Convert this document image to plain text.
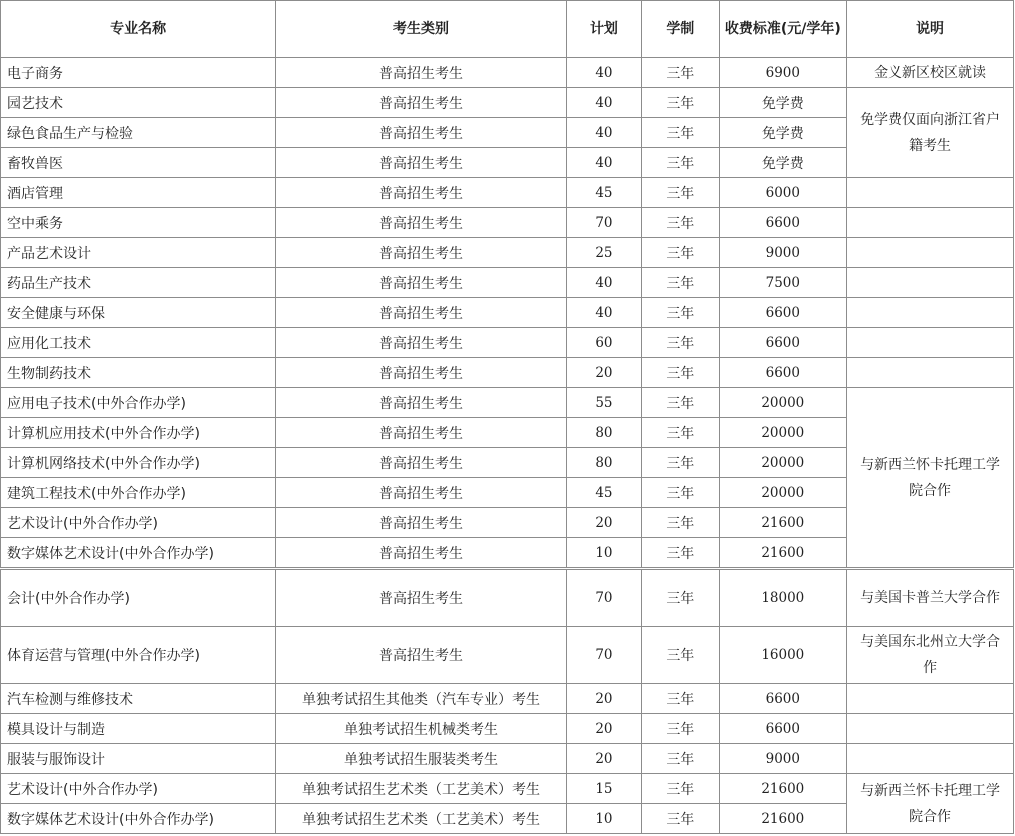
专业名称	考生类别	计划	学制	收费标准(元/学年)	说明
电子商务	普高招生考生	40	三年	6900	金义新区校区就读
园艺技术	普高招生考生	40	三年	免学费	免学费仅面向浙江省户籍考生
绿色食品生产与检验	普高招生考生	40	三年	免学费	
畜牧兽医	普高招生考生	40	三年	免学费	
酒店管理	普高招生考生	45	三年	6000	
空中乘务	普高招生考生	70	三年	6600	
产品艺术设计	普高招生考生	25	三年	9000	
药品生产技术	普高招生考生	40	三年	7500	
安全健康与环保	普高招生考生	40	三年	6600	
应用化工技术	普高招生考生	60	三年	6600	
生物制药技术	普高招生考生	20	三年	6600	
应用电子技术(中外合作办学)	普高招生考生	55	三年	20000	与新西兰怀卡托理工学院合作
计算机应用技术(中外合作办学)	普高招生考生	80	三年	20000	
计算机网络技术(中外合作办学)	普高招生考生	80	三年	20000	
建筑工程技术(中外合作办学)	普高招生考生	45	三年	20000	
艺术设计(中外合作办学)	普高招生考生	20	三年	21600	
数字媒体艺术设计(中外合作办学)	普高招生考生	10	三年	21600	
会计(中外合作办学)	普高招生考生	70	三年	18000	与美国卡普兰大学合作
体育运营与管理(中外合作办学)	普高招生考生	70	三年	16000	与美国东北州立大学合作
汽车检测与维修技术	单独考试招生其他类（汽车专业）考生	20	三年	6600	
模具设计与制造	单独考试招生机械类考生	20	三年	6600	
服装与服饰设计	单独考试招生服装类考生	20	三年	9000	
艺术设计(中外合作办学)	单独考试招生艺术类（工艺美术）考生	15	三年	21600	与新西兰怀卡托理工学院合作
数字媒体艺术设计(中外合作办学)	单独考试招生艺术类（工艺美术）考生	10	三年	21600	
